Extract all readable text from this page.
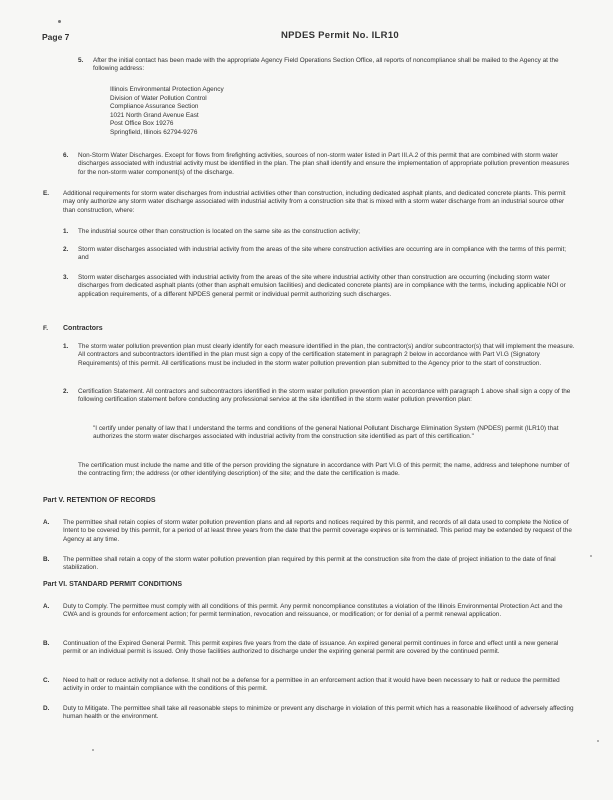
Page 7	NPDES Permit No. ILR10
5. After the initial contact has been made with the appropriate Agency Field Operations Section Office, all reports of noncompliance shall be mailed to the Agency at the following address:
Illinois Environmental Protection Agency
Division of Water Pollution Control
Compliance Assurance Section
1021 North Grand Avenue East
Post Office Box 19276
Springfield, Illinois 62794-9276
6. Non-Storm Water Discharges. Except for flows from firefighting activities, sources of non-storm water listed in Part III.A.2 of this permit that are combined with storm water discharges associated with industrial activity must be identified in the plan. The plan shall identify and ensure the implementation of appropriate pollution prevention measures for the non-storm water component(s) of the discharge.
E. Additional requirements for storm water discharges from industrial activities other than construction, including dedicated asphalt plants, and dedicated concrete plants. This permit may only authorize any storm water discharge associated with industrial activity from a construction site that is mixed with a storm water discharge from an industrial source other than construction, where:
1. The industrial source other than construction is located on the same site as the construction activity;
2. Storm water discharges associated with industrial activity from the areas of the site where construction activities are occurring are in compliance with the terms of this permit; and
3. Storm water discharges associated with industrial activity from the areas of the site where industrial activity other than construction are occurring (including storm water discharges from dedicated asphalt plants (other than asphalt emulsion facilities) and dedicated concrete plants) are in compliance with the terms, including applicable NOI or application requirements, of a different NPDES general permit or individual permit authorizing such discharges.
F. Contractors
1. The storm water pollution prevention plan must clearly identify for each measure identified in the plan, the contractor(s) and/or subcontractor(s) that will implement the measure. All contractors and subcontractors identified in the plan must sign a copy of the certification statement in paragraph 2 below in accordance with Part VI.G (Signatory Requirements) of this permit. All certifications must be included in the storm water pollution prevention plan submitted to the Agency prior to the start of construction.
2. Certification Statement. All contractors and subcontractors identified in the storm water pollution prevention plan in accordance with paragraph 1 above shall sign a copy of the following certification statement before conducting any professional service at the site identified in the storm water pollution prevention plan:
"I certify under penalty of law that I understand the terms and conditions of the general National Pollutant Discharge Elimination System (NPDES) permit (ILR10) that authorizes the storm water discharges associated with industrial activity from the construction site identified as part of this certification."
The certification must include the name and title of the person providing the signature in accordance with Part VI.G of this permit; the name, address and telephone number of the contracting firm; the address (or other identifying description) of the site; and the date the certification is made.
Part V. RETENTION OF RECORDS
A. The permittee shall retain copies of storm water pollution prevention plans and all reports and notices required by this permit, and records of all data used to complete the Notice of Intent to be covered by this permit, for a period of at least three years from the date that the permit coverage expires or is terminated. This period may be extended by request of the Agency at any time.
B. The permittee shall retain a copy of the storm water pollution prevention plan required by this permit at the construction site from the date of project initiation to the date of final stabilization.
Part VI. STANDARD PERMIT CONDITIONS
A. Duty to Comply. The permittee must comply with all conditions of this permit. Any permit noncompliance constitutes a violation of the Illinois Environmental Protection Act and the CWA and is grounds for enforcement action; for permit termination, revocation and reissuance, or modification; or for denial of a permit renewal application.
B. Continuation of the Expired General Permit. This permit expires five years from the date of issuance. An expired general permit continues in force and effect until a new general permit or an individual permit is issued. Only those facilities authorized to discharge under the expiring general permit are covered by the continued permit.
C. Need to halt or reduce activity not a defense. It shall not be a defense for a permittee in an enforcement action that it would have been necessary to halt or reduce the permitted activity in order to maintain compliance with the conditions of this permit.
D. Duty to Mitigate. The permittee shall take all reasonable steps to minimize or prevent any discharge in violation of this permit which has a reasonable likelihood of adversely affecting human health or the environment.
